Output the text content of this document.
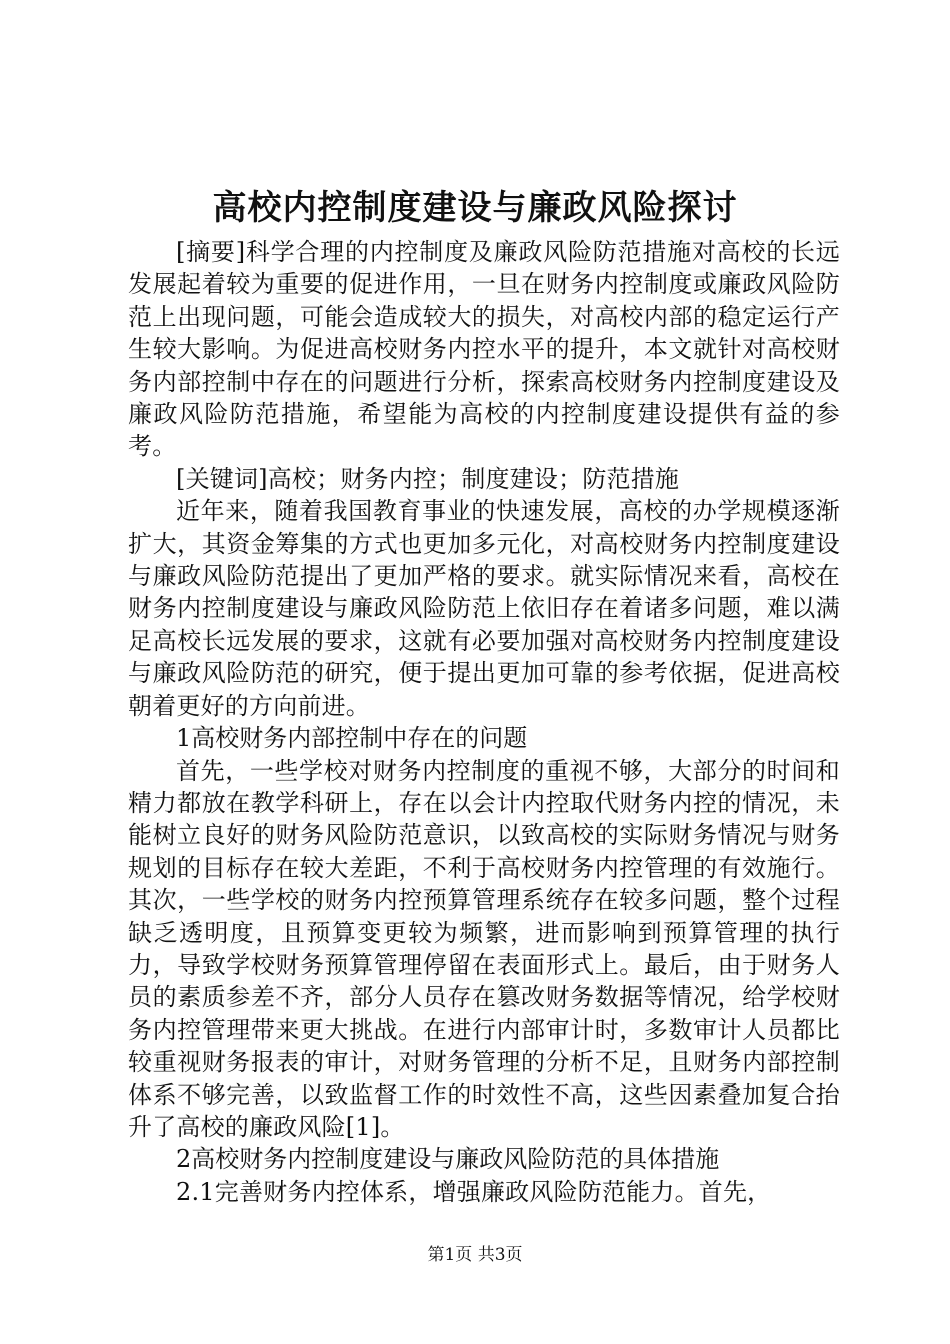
高校内控制度建设与廉政风险探讨

[摘要]科学合理的内控制度及廉政风险防范措施对高校的长远发展起着较为重要的促进作用，一旦在财务内控制度或廉政风险防范上出现问题，可能会造成较大的损失，对高校内部的稳定运行产生较大影响。为促进高校财务内控水平的提升，本文就针对高校财务内部控制中存在的问题进行分析，探索高校财务内控制度建设及廉政风险防范措施，希望能为高校的内控制度建设提供有益的参考。

[关键词]高校；财务内控；制度建设；防范措施

近年来，随着我国教育事业的快速发展，高校的办学规模逐渐扩大，其资金筹集的方式也更加多元化，对高校财务内控制度建设与廉政风险防范提出了更加严格的要求。就实际情况来看，高校在财务内控制度建设与廉政风险防范上依旧存在着诸多问题，难以满足高校长远发展的要求，这就有必要加强对高校财务内控制度建设与廉政风险防范的研究，便于提出更加可靠的参考依据，促进高校朝着更好的方向前进。

1高校财务内部控制中存在的问题

首先，一些学校对财务内控制度的重视不够，大部分的时间和精力都放在教学科研上，存在以会计内控取代财务内控的情况，未能树立良好的财务风险防范意识，以致高校的实际财务情况与财务规划的目标存在较大差距，不利于高校财务内控管理的有效施行。其次，一些学校的财务内控预算管理系统存在较多问题，整个过程缺乏透明度，且预算变更较为频繁，进而影响到预算管理的执行力，导致学校财务预算管理停留在表面形式上。最后，由于财务人员的素质参差不齐，部分人员存在篡改财务数据等情况，给学校财务内控管理带来更大挑战。在进行内部审计时，多数审计人员都比较重视财务报表的审计，对财务管理的分析不足，且财务内部控制体系不够完善，以致监督工作的时效性不高，这些因素叠加复合抬升了高校的廉政风险[1]。

2高校财务内控制度建设与廉政风险防范的具体措施

2.1完善财务内控体系，增强廉政风险防范能力。首先，

第1页 共3页
